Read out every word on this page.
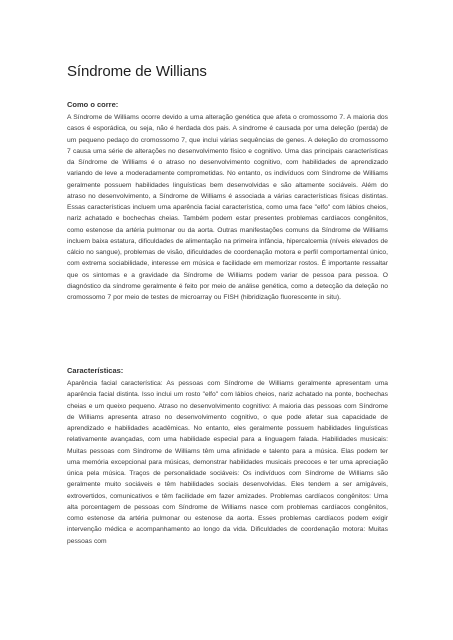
Síndrome de Willians
Como o corre:

A Síndrome de Williams ocorre devido a uma alteração genética que afeta o cromossomo 7. A maioria dos casos é esporádica, ou seja, não é herdada dos pais. A síndrome é causada por uma deleção (perda) de um pequeno pedaço do cromossomo 7, que inclui várias sequências de genes. A deleção do cromossomo 7 causa uma série de alterações no desenvolvimento físico e cognitivo. Uma das principais características da Síndrome de Williams é o atraso no desenvolvimento cognitivo, com habilidades de aprendizado variando de leve a moderadamente comprometidas. No entanto, os indivíduos com Síndrome de Williams geralmente possuem habilidades linguísticas bem desenvolvidas e são altamente sociáveis. Além do atraso no desenvolvimento, a Síndrome de Williams é associada a várias características físicas distintas. Essas características incluem uma aparência facial característica, como uma face "elfo" com lábios cheios, nariz achatado e bochechas cheias. Também podem estar presentes problemas cardíacos congênitos, como estenose da artéria pulmonar ou da aorta. Outras manifestações comuns da Síndrome de Williams incluem baixa estatura, dificuldades de alimentação na primeira infância, hipercalcemia (níveis elevados de cálcio no sangue), problemas de visão, dificuldades de coordenação motora e perfil comportamental único, com extrema sociabilidade, interesse em música e facilidade em memorizar rostos. É importante ressaltar que os sintomas e a gravidade da Síndrome de Williams podem variar de pessoa para pessoa. O diagnóstico da síndrome geralmente é feito por meio de análise genética, como a detecção da deleção no cromossomo 7 por meio de testes de microarray ou FISH (hibridização fluorescente in situ).

Características:

Aparência facial característica: As pessoas com Síndrome de Williams geralmente apresentam uma aparência facial distinta. Isso inclui um rosto "elfo" com lábios cheios, nariz achatado na ponte, bochechas cheias e um queixo pequeno. Atraso no desenvolvimento cognitivo: A maioria das pessoas com Síndrome de Williams apresenta atraso no desenvolvimento cognitivo, o que pode afetar sua capacidade de aprendizado e habilidades acadêmicas. No entanto, eles geralmente possuem habilidades linguísticas relativamente avançadas, com uma habilidade especial para a linguagem falada. Habilidades musicais: Muitas pessoas com Síndrome de Williams têm uma afinidade e talento para a música. Elas podem ter uma memória excepcional para músicas, demonstrar habilidades musicais precoces e ter uma apreciação única pela música. Traços de personalidade sociáveis: Os indivíduos com Síndrome de Williams são geralmente muito sociáveis e têm habilidades sociais desenvolvidas. Eles tendem a ser amigáveis, extrovertidos, comunicativos e têm facilidade em fazer amizades. Problemas cardíacos congênitos: Uma alta porcentagem de pessoas com Síndrome de Williams nasce com problemas cardíacos congênitos, como estenose da artéria pulmonar ou estenose da aorta. Esses problemas cardíacos podem exigir intervenção médica e acompanhamento ao longo da vida. Dificuldades de coordenação motora: Muitas pessoas com
